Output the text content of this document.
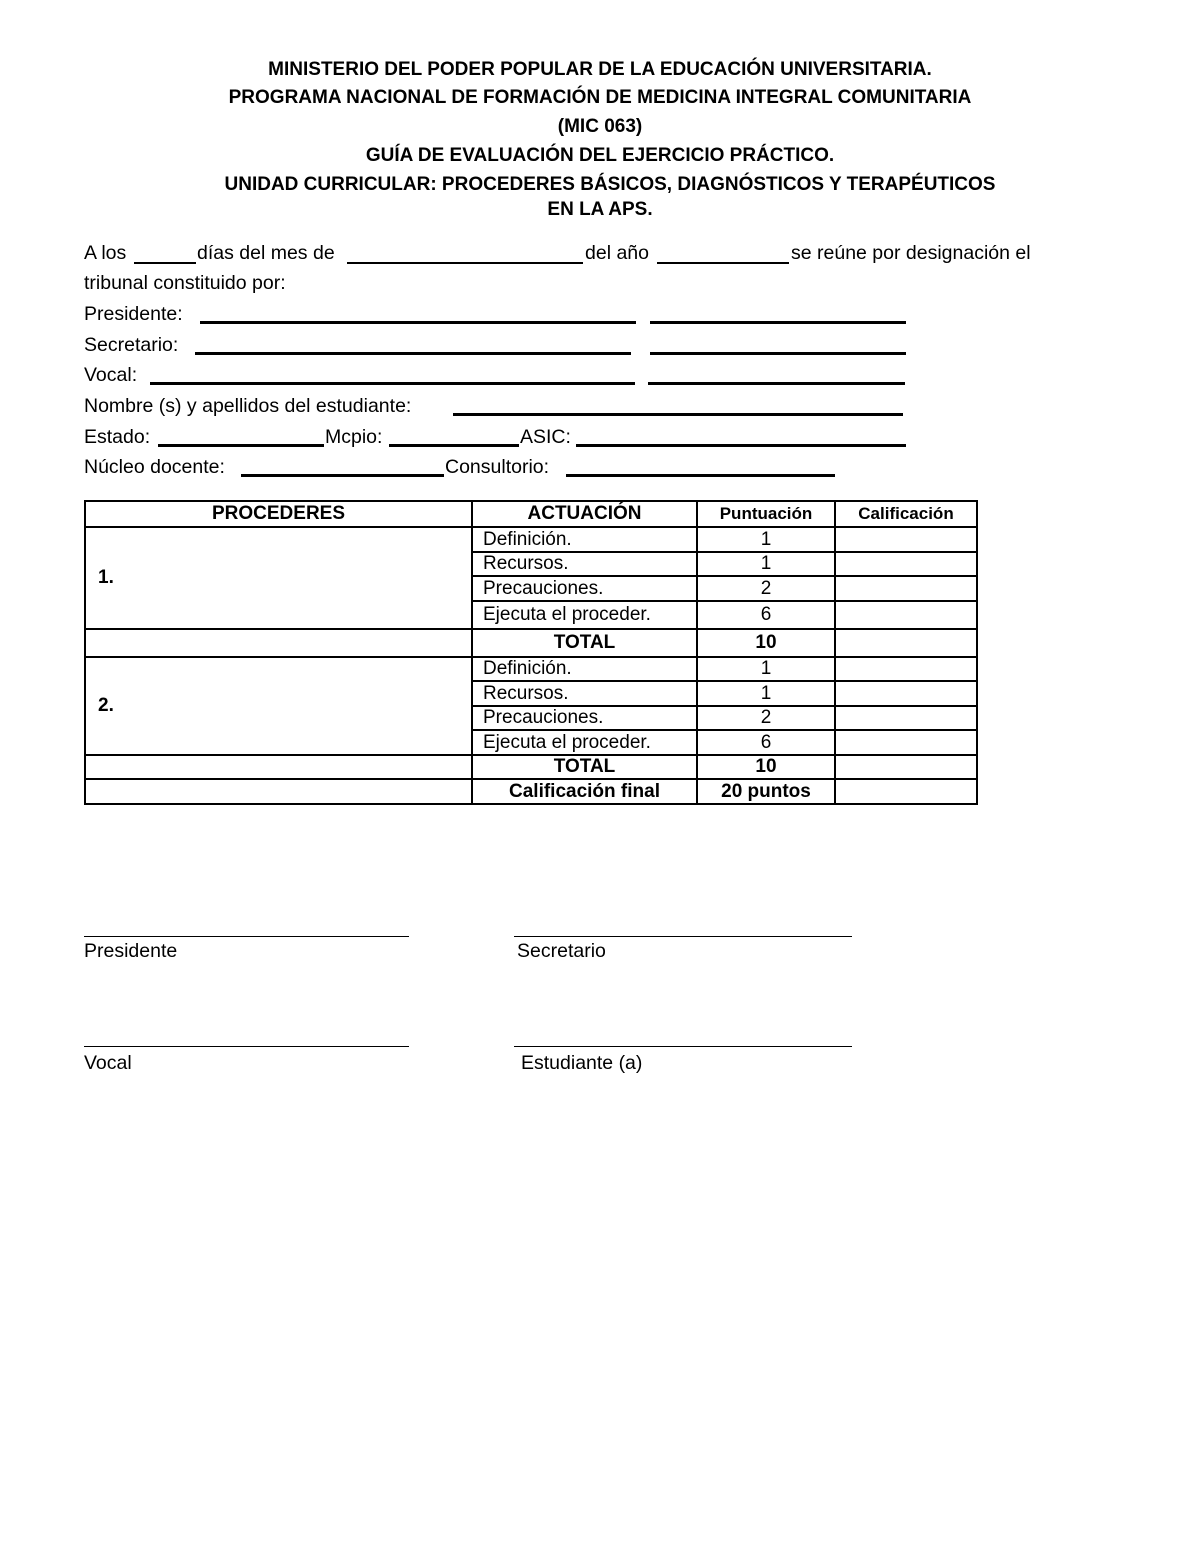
MINISTERIO DEL PODER POPULAR DE LA EDUCACIÓN UNIVERSITARIA.
PROGRAMA NACIONAL DE FORMACIÓN DE MEDICINA INTEGRAL COMUNITARIA
(MIC 063)
GUÍA DE EVALUACIÓN DEL EJERCICIO PRÁCTICO.
UNIDAD CURRICULAR: PROCEDERES BÁSICOS, DIAGNÓSTICOS Y TERAPÉUTICOS
EN LA APS.
A los	días del mes de	del año	se reúne por designación el
tribunal constituido por:
Presidente:
Secretario:
Vocal:
Nombre (s) y apellidos del estudiante:
Estado:	Mcpio:	ASIC:
Núcleo docente:	Consultorio:
PROCEDERES	ACTUACIÓN	Puntuación	Calificación
1.	Definición.	1	
	Recursos.	1	
	Precauciones.	2	
	Ejecuta el proceder.	6	
	TOTAL	10	
2.	Definición.	1	
	Recursos.	1	
	Precauciones.	2	
	Ejecuta el proceder.	6	
	TOTAL	10	
	Calificación final	20 puntos	
Presidente	Secretario
Vocal	Estudiante (a)
